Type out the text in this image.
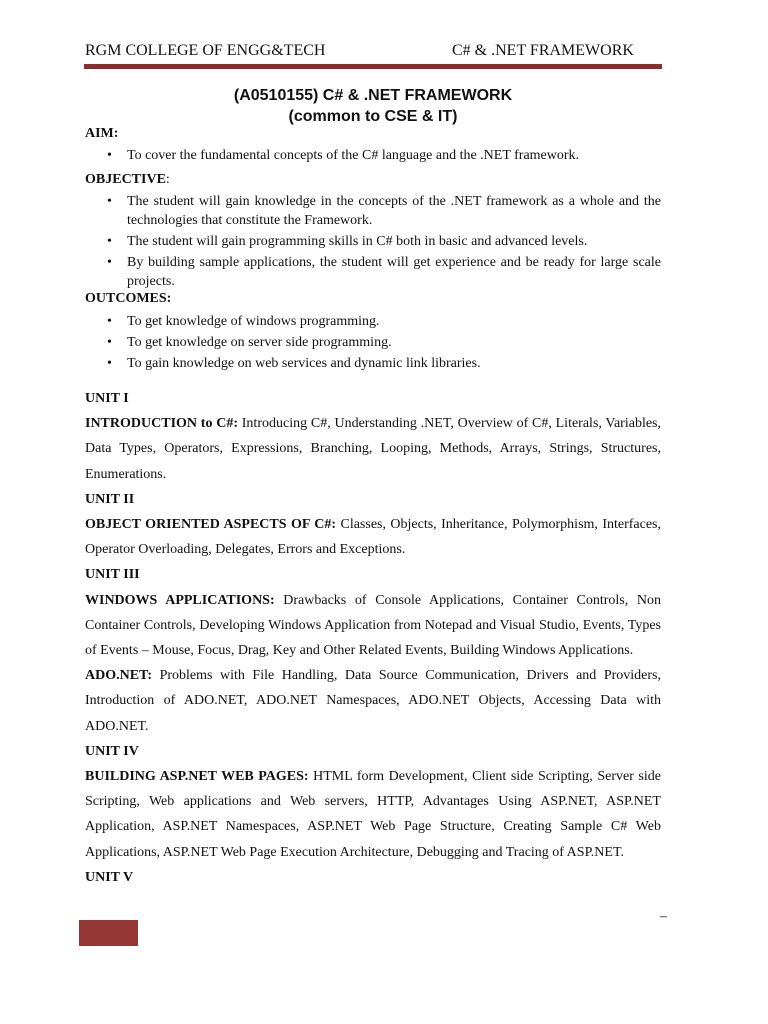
RGM COLLEGE OF ENGG&TECH	C# & .NET FRAMEWORK
(A0510155) C# & .NET FRAMEWORK
(common to CSE & IT)
AIM:
• To cover the fundamental concepts of the C# language and the .NET framework.
OBJECTIVE:
• The student will gain knowledge in the concepts of the .NET framework as a whole and the technologies that constitute the Framework.
• The student will gain programming skills in C# both in basic and advanced levels.
• By building sample applications, the student will get experience and be ready for large scale projects.
OUTCOMES:
• To get knowledge of windows programming.
• To get knowledge on server side programming.
• To gain knowledge on web services and dynamic link libraries.
UNIT I
INTRODUCTION to C#: Introducing C#, Understanding .NET, Overview of C#, Literals, Variables, Data Types, Operators, Expressions, Branching, Looping, Methods, Arrays, Strings, Structures, Enumerations.
UNIT II
OBJECT ORIENTED ASPECTS OF C#: Classes, Objects, Inheritance, Polymorphism, Interfaces, Operator Overloading, Delegates, Errors and Exceptions.
UNIT III
WINDOWS APPLICATIONS: Drawbacks of Console Applications, Container Controls, Non Container Controls, Developing Windows Application from Notepad and Visual Studio, Events, Types of Events – Mouse, Focus, Drag, Key and Other Related Events, Building Windows Applications.
ADO.NET: Problems with File Handling, Data Source Communication, Drivers and Providers, Introduction of ADO.NET, ADO.NET Namespaces, ADO.NET Objects, Accessing Data with ADO.NET.
UNIT IV
BUILDING ASP.NET WEB PAGES: HTML form Development, Client side Scripting, Server side Scripting, Web applications and Web servers, HTTP, Advantages Using ASP.NET, ASP.NET Application, ASP.NET Namespaces, ASP.NET Web Page Structure, Creating Sample C# Web Applications, ASP.NET Web Page Execution Architecture, Debugging and Tracing of ASP.NET.
UNIT V
–
